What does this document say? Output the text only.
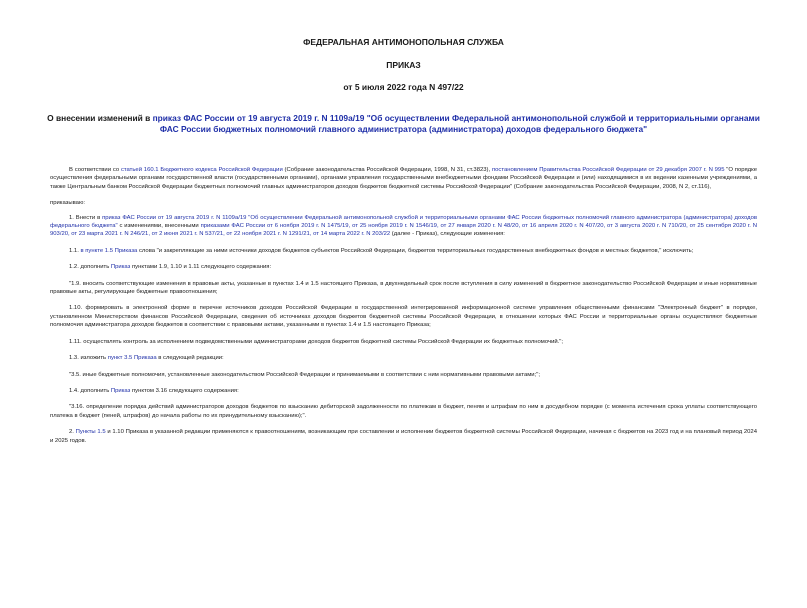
ФЕДЕРАЛЬНАЯ АНТИМОНОПОЛЬНАЯ СЛУЖБА
ПРИКАЗ
от 5 июля 2022 года N 497/22
О внесении изменений в приказ ФАС России от 19 августа 2019 г. N 1109а/19 "Об осуществлении Федеральной антимонопольной службой и территориальными органами ФАС России бюджетных полномочий главного администратора (администратора) доходов федерального бюджета"

В соответствии со статьей 160.1 Бюджетного кодекса Российской Федерации (Собрание законодательства Российской Федерации, 1998, N 31, ст.3823), постановлением Правительства Российской Федерации от 29 декабря 2007 г. N 995 "О порядке осуществления федеральными органами государственной власти (государственными органами), органами управления государственными внебюджетными фондами Российской Федерации и (или) находящимися в их ведении казенными учреждениями, а также Центральным банком Российской Федерации бюджетных полномочий главных администраторов доходов бюджетов бюджетной системы Российской Федерации" (Собрание законодательства Российской Федерации, 2008, N 2, ст.116),

приказываю:

1. Внести в приказ ФАС России от 19 августа 2019 г. N 1109а/19 "Об осуществлении Федеральной антимонопольной службой и территориальными органами ФАС России бюджетных полномочий главного администратора (администратора) доходов федерального бюджета" с изменениями, внесенными приказами ФАС России от 6 ноября 2019 г. N 1475/19, от 25 ноября 2019 г. N 1546/19, от 27 января 2020 г. N 48/20, от 16 апреля 2020 г. N 407/20, от 3 августа 2020 г. N 710/20, от 25 сентября 2020 г. N 903/20, от 23 марта 2021 г. N 246/21, от 2 июня 2021 г. N 537/21, от 22 ноября 2021 г. N 1291/21, от 14 марта 2022 г. N 203/22 (далее - Приказ), следующие изменения:

1.1. в пункте 1.5 Приказа слова "и закрепляющие за ними источники доходов бюджетов субъектов Российской Федерации, бюджетов территориальных государственных внебюджетных фондов и местных бюджетов," исключить;

1.2. дополнить Приказ пунктами 1.9, 1.10 и 1.11 следующего содержания:

"1.9. вносить соответствующие изменения в правовые акты, указанные в пунктах 1.4 и 1.5 настоящего Приказа, в двухнедельный срок после вступления в силу изменений в бюджетное законодательство Российской Федерации и иные нормативные правовые акты, регулирующие бюджетные правоотношения;

1.10. формировать в электронной форме в перечне источников доходов Российской Федерации в государственной интегрированной информационной системе управления общественными финансами "Электронный бюджет" в порядке, установленном Министерством финансов Российской Федерации, сведения об источниках доходов бюджетов бюджетной системы Российской Федерации, в отношении которых ФАС России и территориальные органы осуществляют бюджетные полномочия администратора доходов бюджетов в соответствии с правовыми актами, указанными в пунктах 1.4 и 1.5 настоящего Приказа;

1.11. осуществлять контроль за исполнением подведомственными администраторами доходов бюджетов бюджетной системы Российской Федерации их бюджетных полномочий.";

1.3. изложить пункт 3.5 Приказа в следующей редакции:

"3.5. иные бюджетные полномочия, установленные законодательством Российской Федерации и принимаемыми в соответствии с ним нормативными правовыми актами;";

1.4. дополнить Приказ пунктом 3.16 следующего содержания:

"3.16. определение порядка действий администраторов доходов бюджетов по взысканию дебиторской задолженности по платежам в бюджет, пеням и штрафам по ним в досудебном порядке (с момента истечения срока уплаты соответствующего платежа в бюджет (пеней, штрафов) до начала работы по их принудительному взысканию);".

2. Пункты 1.5 и 1.10 Приказа в указанной редакции применяются к правоотношениям, возникающим при составлении и исполнении бюджетов бюджетной системы Российской Федерации, начиная с бюджетов на 2023 год и на плановый период 2024 и 2025 годов.
